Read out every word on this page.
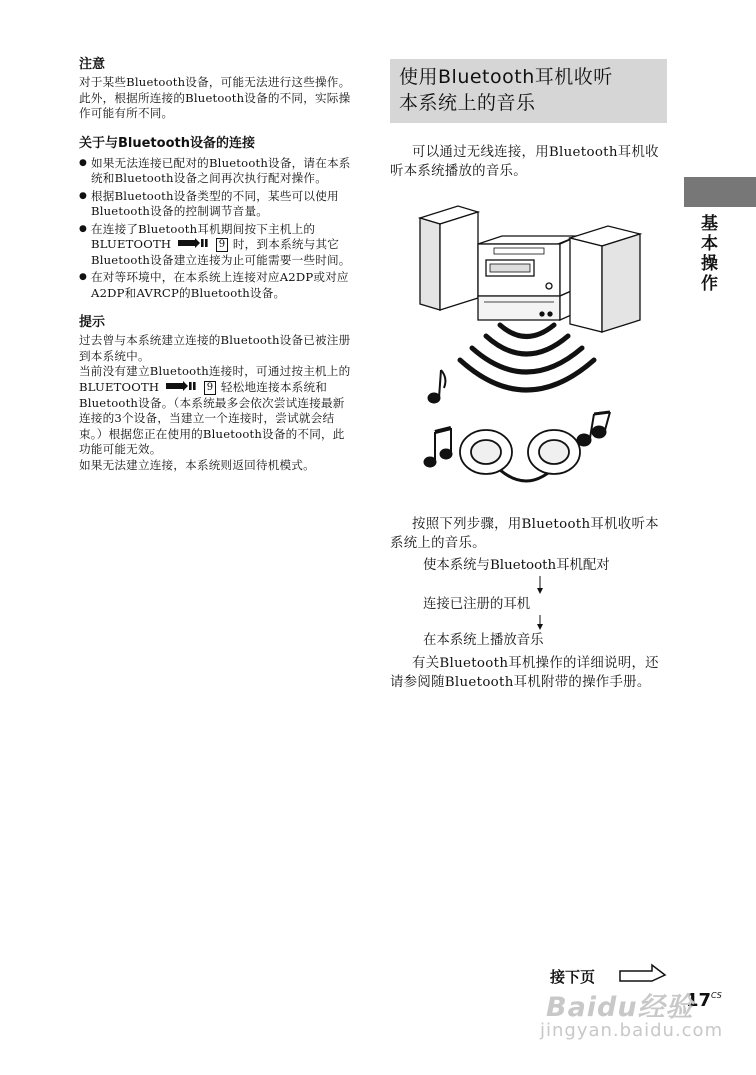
注意
对于某些Bluetooth设备，可能无法进行这些操作。此外，根据所连接的Bluetooth设备的不同，实际操作可能有所不同。
关于与Bluetooth设备的连接
● 如果无法连接已配对的Bluetooth设备，请在本系统和Bluetooth设备之间再次执行配对操作。
● 根据Bluetooth设备类型的不同，某些可以使用Bluetooth设备的控制调节音量。
● 在连接了Bluetooth耳机期间按下主机上的BLUETOOTH	9 时，到本系统与其它Bluetooth设备建立连接为止可能需要一些时间。
● 在对等环境中，在本系统上连接对应A2DP或对应A2DP和AVRCP的Bluetooth设备。
提示
过去曾与本系统建立连接的Bluetooth设备已被注册到本系统中。
当前没有建立Bluetooth连接时，可通过按主机上的BLUETOOTH	9 轻松地连接本系统和Bluetooth设备。（本系统最多会依次尝试连接最新连接的3个设备，当建立一个连接时，尝试就会结束。）根据您正在使用的Bluetooth设备的不同，此功能可能无效。
如果无法建立连接，本系统则返回待机模式。
使用Bluetooth耳机收听
本系统上的音乐
可以通过无线连接，用Bluetooth耳机收听本系统播放的音乐。
按照下列步骤，用Bluetooth耳机收听本系统上的音乐。
使本系统与Bluetooth耳机配对
连接已注册的耳机
在本系统上播放音乐
有关Bluetooth耳机操作的详细说明，还请参阅随Bluetooth耳机附带的操作手册。
基本操作
接下页
17 CS
Baidu经验
jingyan.baidu.com
